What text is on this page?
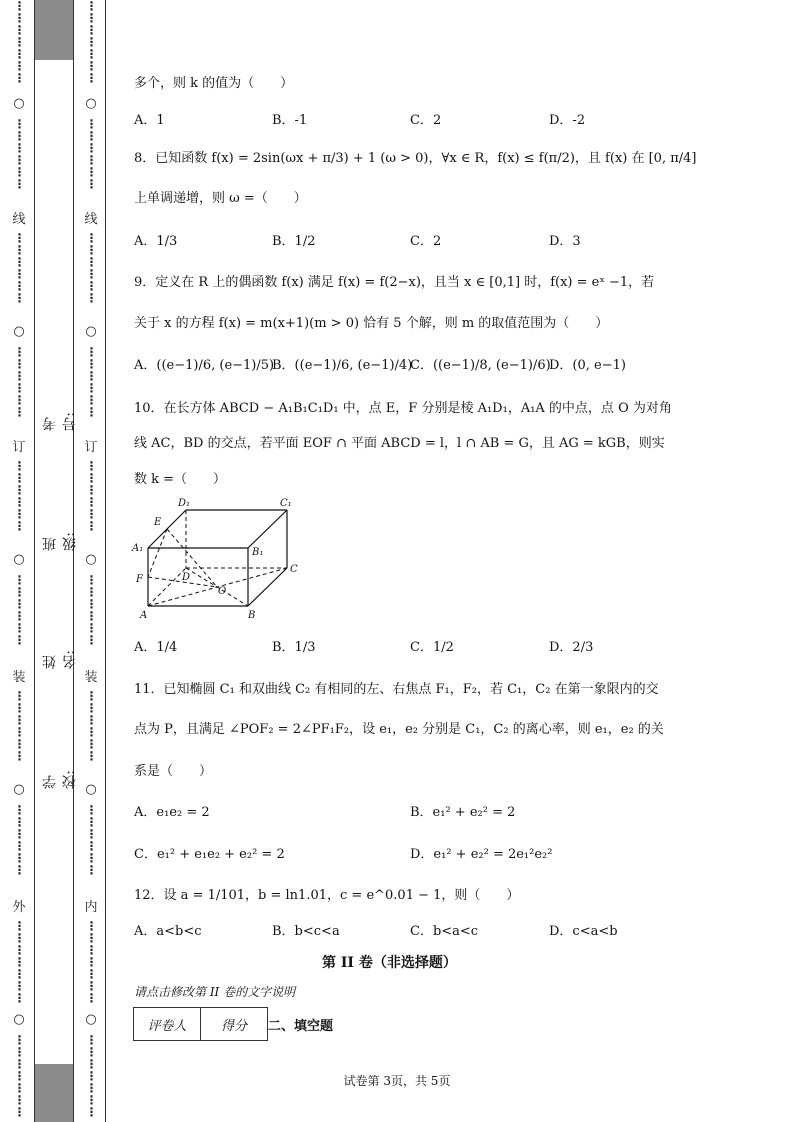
⋮
⋮
⋮
⋮
⋮
⋮
⋮
○
⋮
⋮
⋮
⋮
⋮
⋮
线
⋮
⋮
⋮
⋮
⋮
⋮
○
⋮
⋮
⋮
⋮
⋮
⋮
订
⋮
⋮
⋮
⋮
⋮
⋮
○
⋮
⋮
⋮
⋮
⋮
⋮
装
⋮
⋮
⋮
⋮
⋮
⋮
○
⋮
⋮
⋮
⋮
⋮
⋮
外
⋮
⋮
⋮
⋮
⋮
⋮
⋮
○
⋮
⋮
⋮
⋮
⋮
⋮
⋮
考号:
班级:
姓名:
学校:
⋮
⋮
⋮
⋮
⋮
⋮
⋮
○
⋮
⋮
⋮
⋮
⋮
⋮
线
⋮
⋮
⋮
⋮
⋮
⋮
○
⋮
⋮
⋮
⋮
⋮
⋮
订
⋮
⋮
⋮
⋮
⋮
⋮
○
⋮
⋮
⋮
⋮
⋮
⋮
装
⋮
⋮
⋮
⋮
⋮
⋮
○
⋮
⋮
⋮
⋮
⋮
⋮
内
⋮
⋮
⋮
⋮
⋮
⋮
⋮
○
⋮
⋮
⋮
⋮
⋮
⋮
⋮
多个，则 k 的值为（　　）
A．1	B．-1	C．2	D．-2
8．已知函数 f(x) = 2sin(ωx + π/3) + 1 (ω > 0)，∀x ∈ R，f(x) ≤ f(π/2)，且 f(x) 在 [0, π/4]
上单调递增，则 ω =（　　）
A．1/3	B．1/2	C．2	D．3
9．定义在 R 上的偶函数 f(x) 满足 f(x) = f(2−x)，且当 x ∈ [0,1] 时，f(x) = eˣ −1，若
关于 x 的方程 f(x) = m(x+1)(m > 0) 恰有 5 个解，则 m 的取值范围为（　　）
A．((e−1)/6, (e−1)/5)
B．((e−1)/6, (e−1)/4)
C．((e−1)/8, (e−1)/6)
D．(0, e−1)
10．在长方体 ABCD − A₁B₁C₁D₁ 中，点 E，F 分别是棱 A₁D₁，A₁A 的中点，点 O 为对角
线 AC，BD 的交点，若平面 EOF ∩ 平面 ABCD = l，l ∩ AB = G，且 AG = kGB，则实
数 k =（　　）
D₁	C₁
E
A₁	B₁
D
C
F
O
A	B
A．1/4	B．1/3	C．1/2	D．2/3
11．已知椭圆 C₁ 和双曲线 C₂ 有相同的左、右焦点 F₁，F₂，若 C₁，C₂ 在第一象限内的交
点为 P，且满足 ∠POF₂ = 2∠PF₁F₂，设 e₁，e₂ 分别是 C₁，C₂ 的离心率，则 e₁，e₂ 的关
系是（　　）
A．e₁e₂ = 2	B．e₁² + e₂² = 2
C．e₁² + e₁e₂ + e₂² = 2	D．e₁² + e₂² = 2e₁²e₂²
12．设 a = 1/101，b = ln1.01，c = e^0.01 − 1，则（　　）
A．a<b<c	B．b<c<a	C．b<a<c	D．c<a<b
第 II 卷（非选择题）
请点击修改第 II 卷的文字说明
评卷人	得分 二、填空题
试卷第 3页，共 5页
